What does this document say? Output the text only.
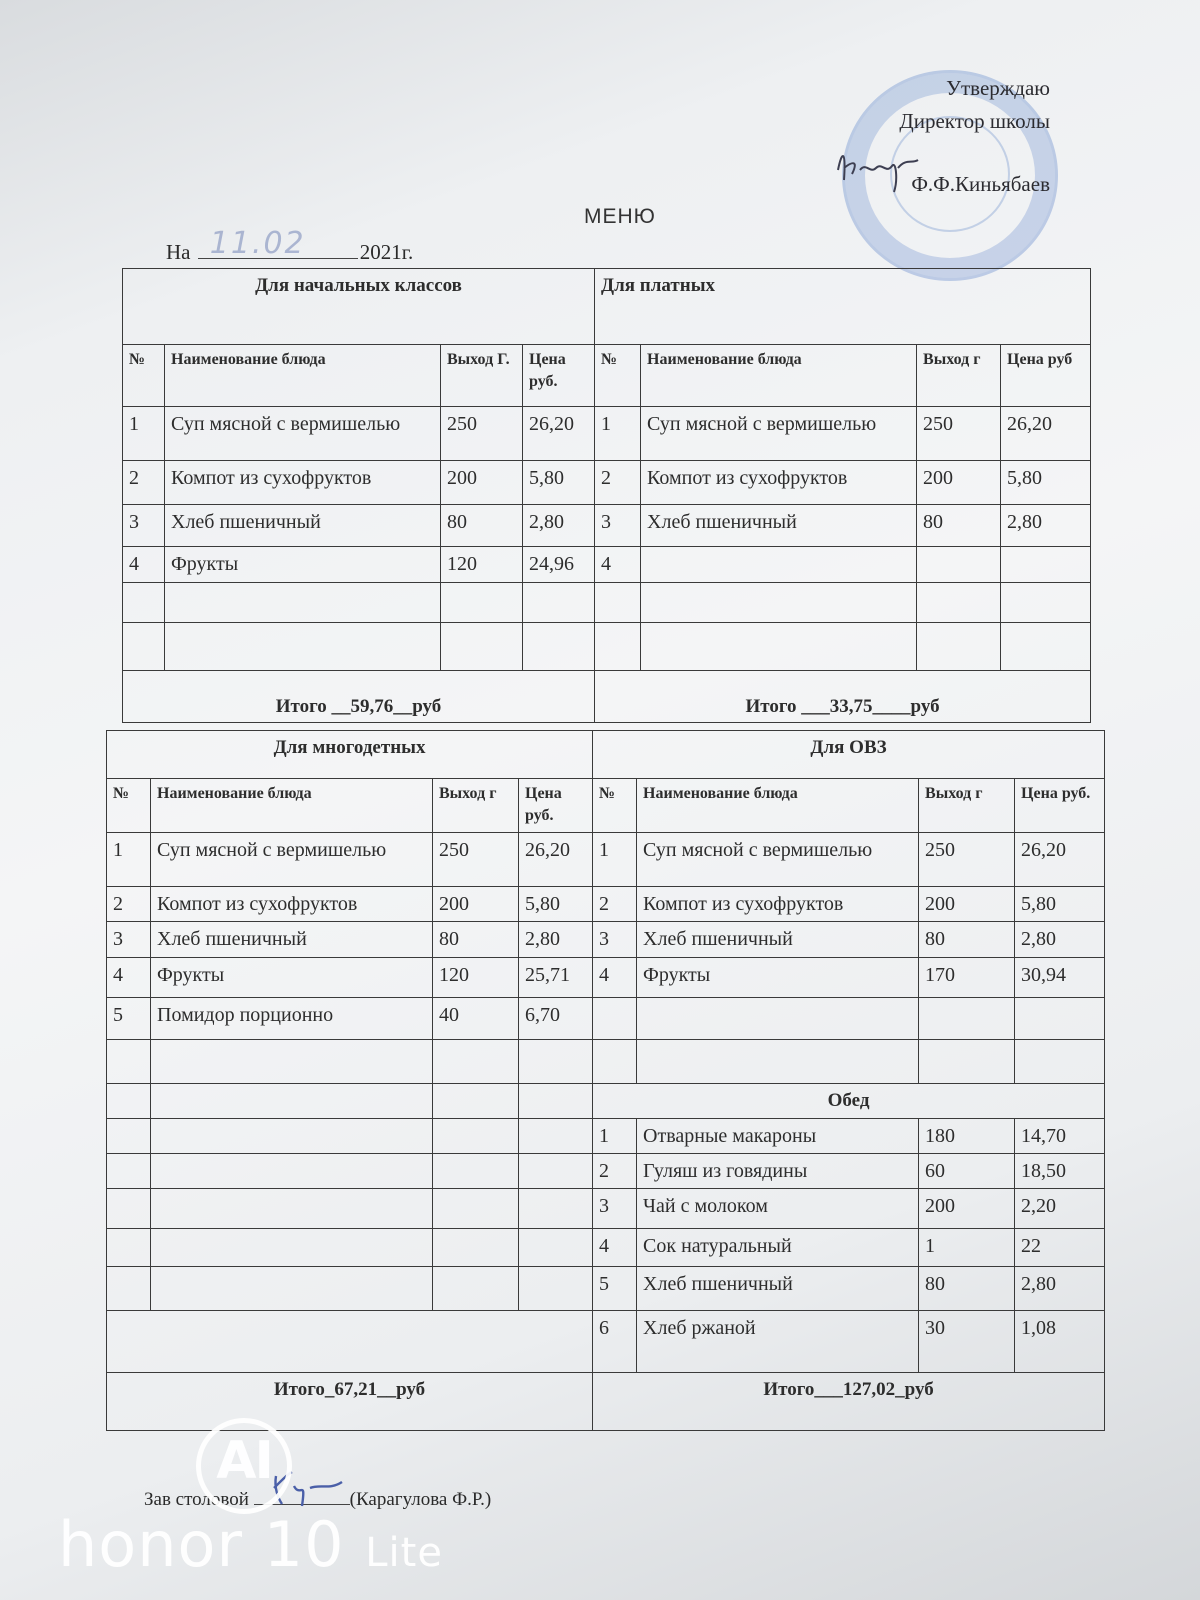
Утверждаю
Директор школы
Ф.Ф.Киньябаев
МЕНЮ
На 11.02	2021г.
Для начальных классов				Для платных			
№	Наименование блюда	Выход Г.	Цена руб.	№	Наименование блюда	Выход г	Цена руб
1	Суп мясной с вермишелью	250	26,20	1	Суп мясной с вермишелью	250	26,20
2	Компот из сухофруктов	200	5,80	2	Компот из сухофруктов	200	5,80
3	Хлеб пшеничный	80	2,80	3	Хлеб пшеничный	80	2,80
4	Фрукты	120	24,96	4			

Итого __59,76__руб				Итого ___33,75____руб			
Для многодетных				Для ОВЗ			
№	Наименование блюда	Выход г	Цена руб.	№	Наименование блюда	Выход г	Цена руб.
1	Суп мясной с вермишелью	250	26,20	1	Суп мясной с вермишелью	250	26,20
2	Компот из сухофруктов	200	5,80	2	Компот из сухофруктов	200	5,80
3	Хлеб пшеничный	80	2,80	3	Хлеб пшеничный	80	2,80
4	Фрукты	120	25,71	4	Фрукты	170	30,94
5	Помидор порционно	40	6,70				

				Обед			
				1	Отварные макароны	180	14,70
				2	Гуляш из говядины	60	18,50
				3	Чай с молоком	200	2,20
				4	Сок натуральный	1	22
				5	Хлеб пшеничный	80	2,80
				6	Хлеб ржаной	30	1,08
Итого_67,21__руб				Итого___127,02_руб			
Зав столовой	(Карагулова Ф.Р.)
AI
honor 10 Lite
